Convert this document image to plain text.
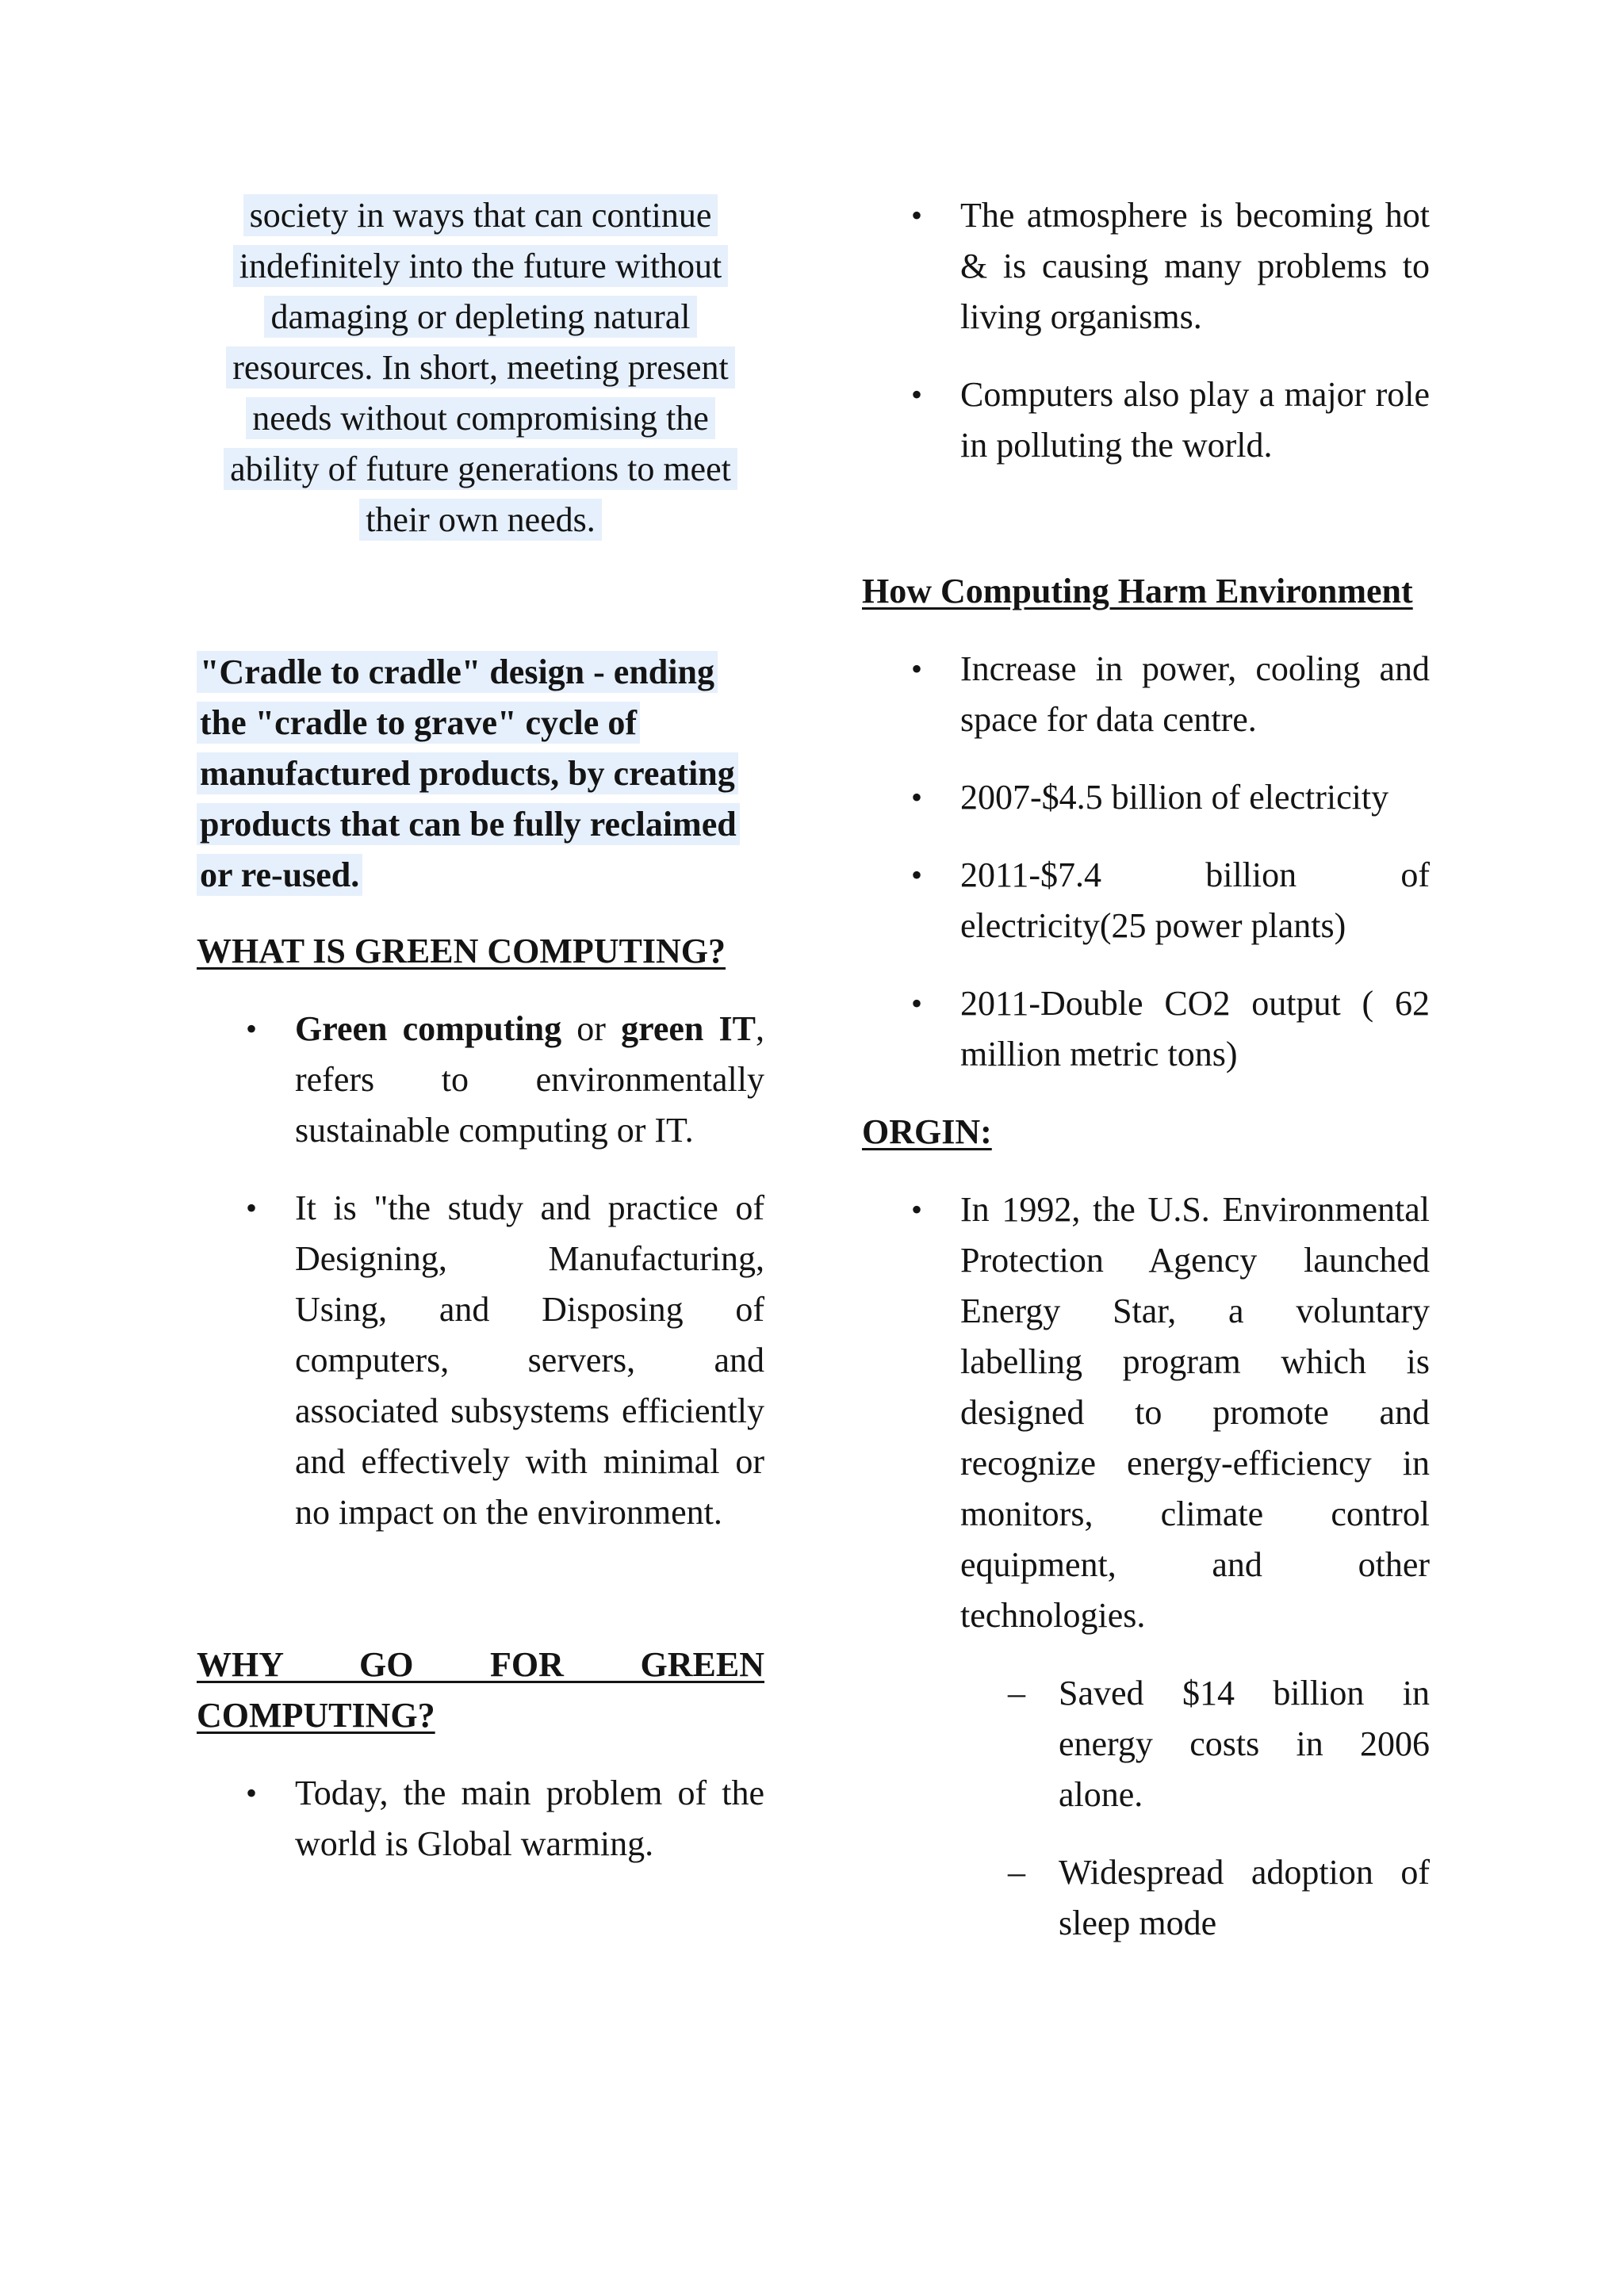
society in ways that can continue indefinitely into the future without damaging or depleting natural resources. In short, meeting present needs without compromising the ability of future generations to meet their own needs.

"Cradle to cradle" design - ending the "cradle to grave" cycle of manufactured products, by creating products that can be fully reclaimed or re-used.

WHAT IS GREEN COMPUTING?
• Green computing or green IT, refers to environmentally sustainable computing or IT.
• It is "the study and practice of Designing, Manufacturing, Using, and Disposing of computers, servers, and associated subsystems efficiently and effectively with minimal or no impact on the environment.
WHY GO FOR GREEN COMPUTING?
• Today, the main problem of the world is Global warming.
• The atmosphere is becoming hot & is causing many problems to living organisms.
• Computers also play a major role in polluting the world.
How Computing Harm Environment
• Increase in power, cooling and space for data centre.
• 2007-$4.5 billion of electricity
• 2011-$7.4 billion of electricity(25 power plants)
• 2011-Double CO2 output ( 62 million metric tons)
ORGIN:
• In 1992, the U.S. Environmental Protection Agency launched Energy Star, a voluntary labelling program which is designed to promote and recognize energy-efficiency in monitors, climate control equipment, and other technologies.
– Saved $14 billion in energy costs in 2006 alone.
– Widespread adoption of sleep mode
